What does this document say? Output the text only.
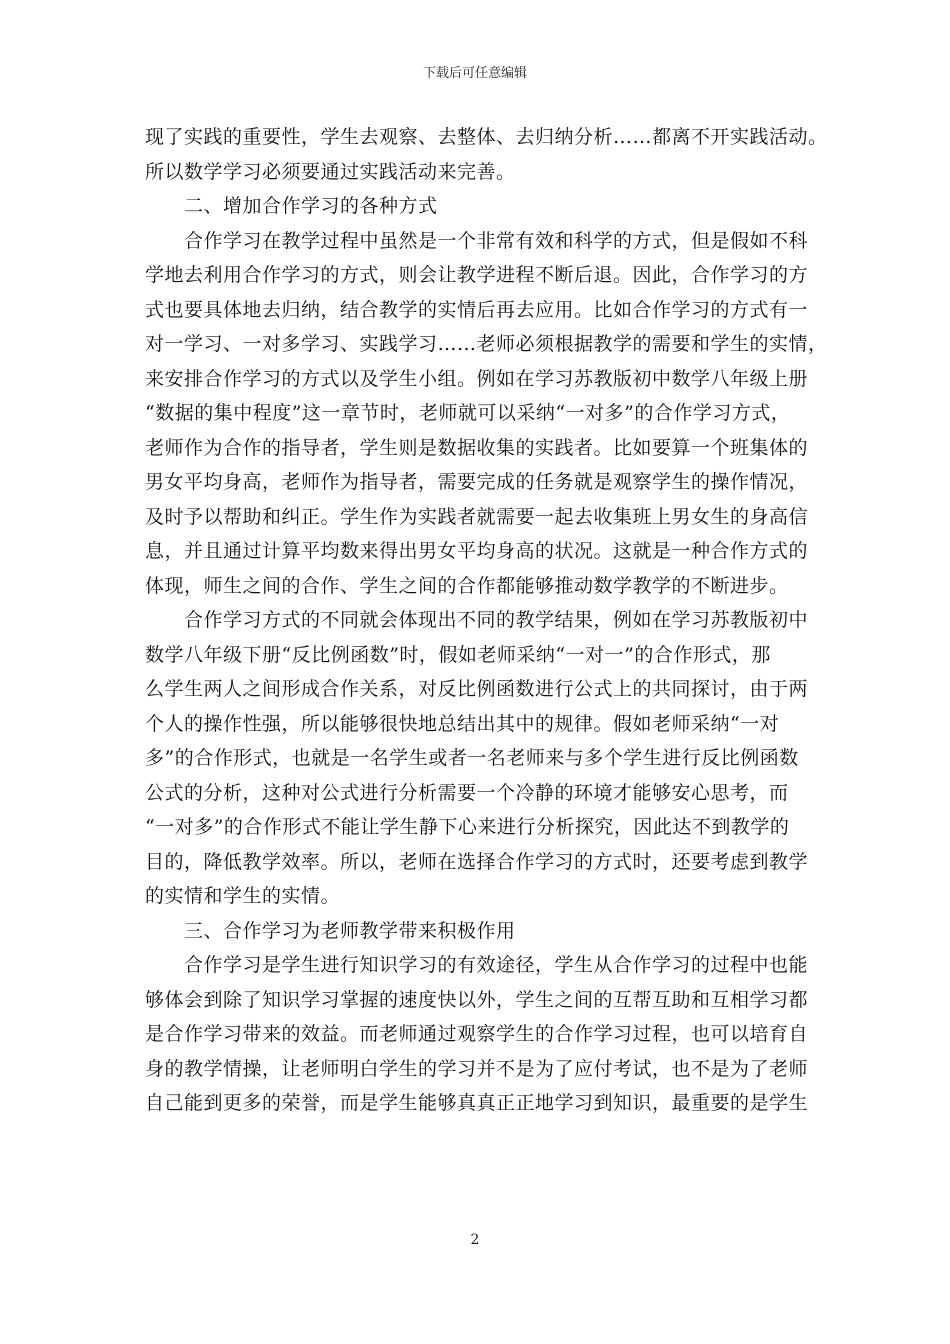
下载后可任意编辑

现了实践的重要性，学生去观察、去整体、去归纳分析……都离不开实践活动。

所以数学学习必须要通过实践活动来完善。

　　二、增加合作学习的各种方式

　　合作学习在教学过程中虽然是一个非常有效和科学的方式，但是假如不科

学地去利用合作学习的方式，则会让教学进程不断后退。因此，合作学习的方

式也要具体地去归纳，结合教学的实情后再去应用。比如合作学习的方式有一

对一学习、一对多学习、实践学习……老师必须根据教学的需要和学生的实情，

来安排合作学习的方式以及学生小组。例如在学习苏教版初中数学八年级上册

“数据的集中程度”这一章节时，老师就可以采纳“一对多”的合作学习方式，

老师作为合作的指导者，学生则是数据收集的实践者。比如要算一个班集体的

男女平均身高，老师作为指导者，需要完成的任务就是观察学生的操作情况，

及时予以帮助和纠正。学生作为实践者就需要一起去收集班上男女生的身高信

息，并且通过计算平均数来得出男女平均身高的状况。这就是一种合作方式的

体现，师生之间的合作、学生之间的合作都能够推动数学教学的不断进步。

　　合作学习方式的不同就会体现出不同的教学结果，例如在学习苏教版初中

数学八年级下册“反比例函数”时，假如老师采纳“一对一”的合作形式，那

么学生两人之间形成合作关系，对反比例函数进行公式上的共同探讨，由于两

个人的操作性强，所以能够很快地总结出其中的规律。假如老师采纳“一对

多”的合作形式，也就是一名学生或者一名老师来与多个学生进行反比例函数

公式的分析，这种对公式进行分析需要一个冷静的环境才能够安心思考，而

“一对多”的合作形式不能让学生静下心来进行分析探究，因此达不到教学的

目的，降低教学效率。所以，老师在选择合作学习的方式时，还要考虑到教学

的实情和学生的实情。

　　三、合作学习为老师教学带来积极作用

　　合作学习是学生进行知识学习的有效途径，学生从合作学习的过程中也能

够体会到除了知识学习掌握的速度快以外，学生之间的互帮互助和互相学习都

是合作学习带来的效益。而老师通过观察学生的合作学习过程，也可以培育自

身的教学情操，让老师明白学生的学习并不是为了应付考试，也不是为了老师

自己能到更多的荣誉，而是学生能够真真正正地学习到知识，最重要的是学生

2
